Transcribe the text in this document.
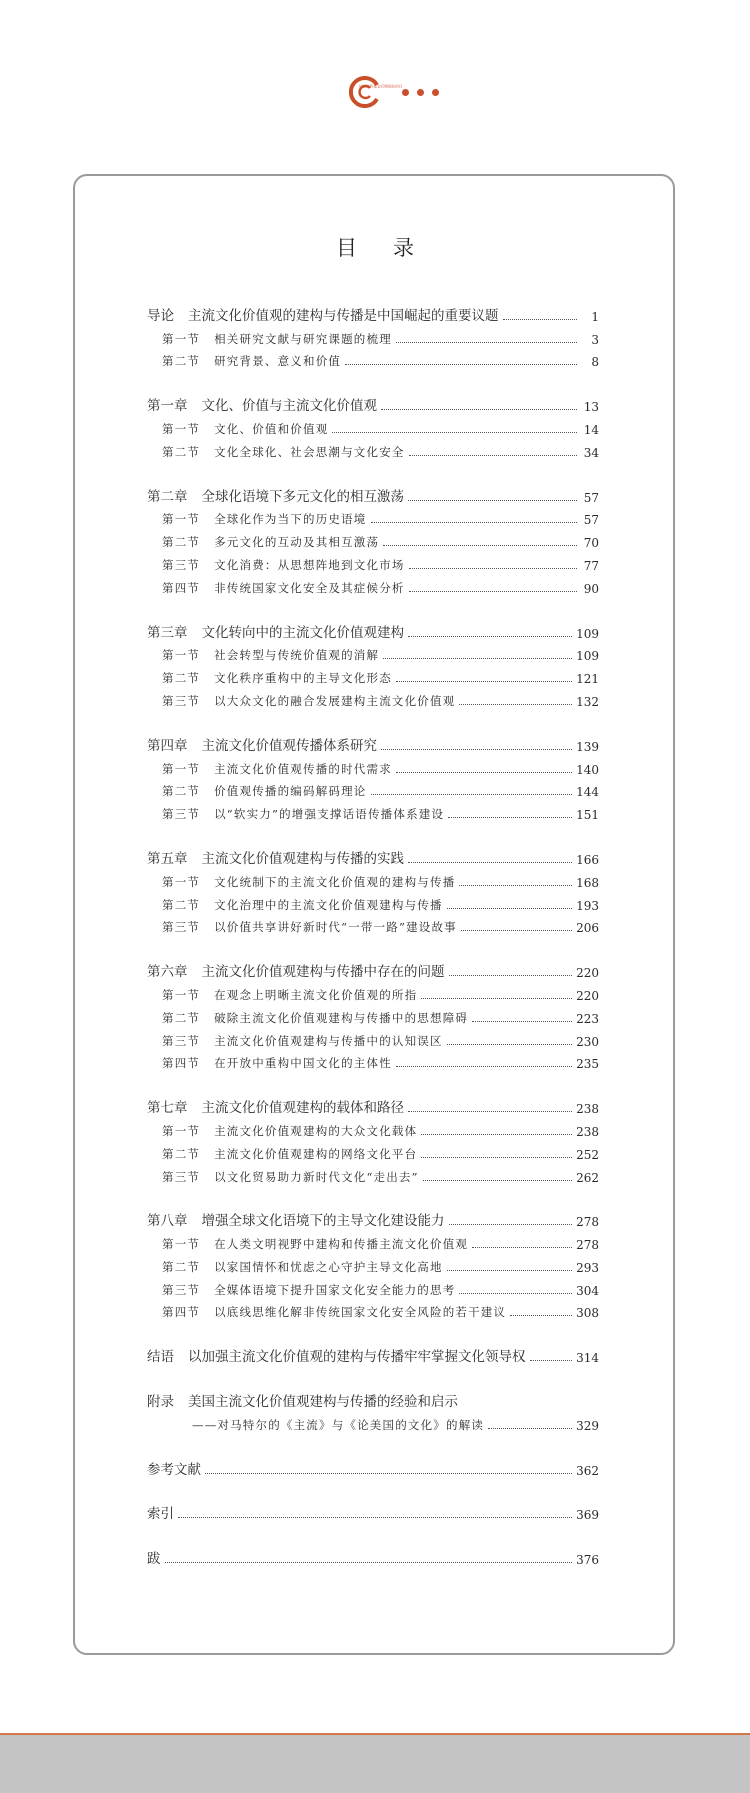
国家社科基金后期资助项目
目录
导论 主流文化价值观的建构与传播是中国崛起的重要议题	1
第一节 相关研究文献与研究课题的梳理	3
第二节 研究背景、意义和价值	8
第一章 文化、价值与主流文化价值观	13
第一节 文化、价值和价值观	14
第二节 文化全球化、社会思潮与文化安全	34
第二章 全球化语境下多元文化的相互激荡	57
第一节 全球化作为当下的历史语境	57
第二节 多元文化的互动及其相互激荡	70
第三节 文化消费：从思想阵地到文化市场	77
第四节 非传统国家文化安全及其症候分析	90
第三章 文化转向中的主流文化价值观建构	109
第一节 社会转型与传统价值观的消解	109
第二节 文化秩序重构中的主导文化形态	121
第三节 以大众文化的融合发展建构主流文化价值观	132
第四章 主流文化价值观传播体系研究	139
第一节 主流文化价值观传播的时代需求	140
第二节 价值观传播的编码解码理论	144
第三节 以“软实力”的增强支撑话语传播体系建设	151
第五章 主流文化价值观建构与传播的实践	166
第一节 文化统制下的主流文化价值观的建构与传播	168
第二节 文化治理中的主流文化价值观建构与传播	193
第三节 以价值共享讲好新时代“一带一路”建设故事	206
第六章 主流文化价值观建构与传播中存在的问题	220
第一节 在观念上明晰主流文化价值观的所指	220
第二节 破除主流文化价值观建构与传播中的思想障碍	223
第三节 主流文化价值观建构与传播中的认知误区	230
第四节 在开放中重构中国文化的主体性	235
第七章 主流文化价值观建构的载体和路径	238
第一节 主流文化价值观建构的大众文化载体	238
第二节 主流文化价值观建构的网络文化平台	252
第三节 以文化贸易助力新时代文化“走出去”	262
第八章 增强全球文化语境下的主导文化建设能力	278
第一节 在人类文明视野中建构和传播主流文化价值观	278
第二节 以家国情怀和忧虑之心守护主导文化高地	293
第三节 全媒体语境下提升国家文化安全能力的思考	304
第四节 以底线思维化解非传统国家文化安全风险的若干建议	308
结语 以加强主流文化价值观的建构与传播牢牢掌握文化领导权	314
附录 美国主流文化价值观建构与传播的经验和启示
——对马特尔的《主流》与《论美国的文化》的解读	329
参考文献	362
索引	369
跋	376
